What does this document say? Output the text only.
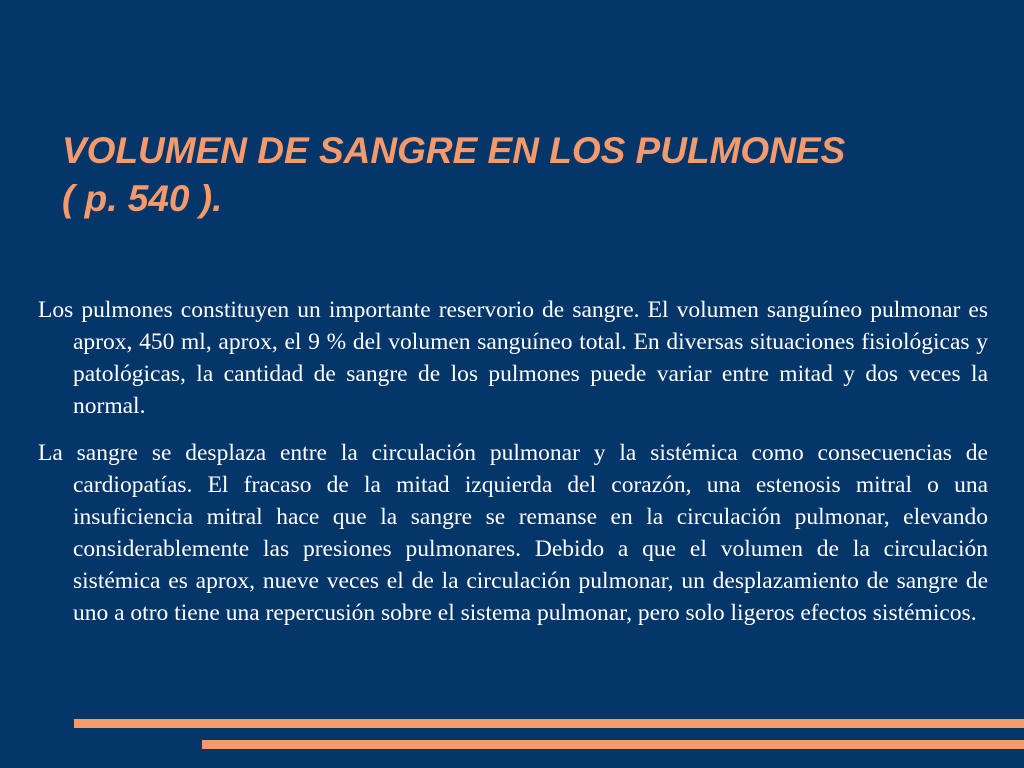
VOLUMEN DE SANGRE EN LOS PULMONES
( p. 540 ).

Los pulmones constituyen un importante reservorio de sangre. El volumen sanguíneo pulmonar es aprox, 450 ml, aprox, el 9 % del volumen sanguíneo total. En diversas situaciones fisiológicas y patológicas, la cantidad de sangre de los pulmones puede variar entre mitad y dos veces la normal.

La sangre se desplaza entre la circulación pulmonar y la sistémica como consecuencias de cardiopatías. El fracaso de la mitad izquierda del corazón, una estenosis mitral o una insuficiencia mitral hace que la sangre se remanse en la circulación pulmonar, elevando considerablemente las presiones pulmonares. Debido a que el volumen de la circulación sistémica es aprox, nueve veces el de la circulación pulmonar, un desplazamiento de sangre de uno a otro tiene una repercusión sobre el sistema pulmonar, pero solo ligeros efectos sistémicos.
